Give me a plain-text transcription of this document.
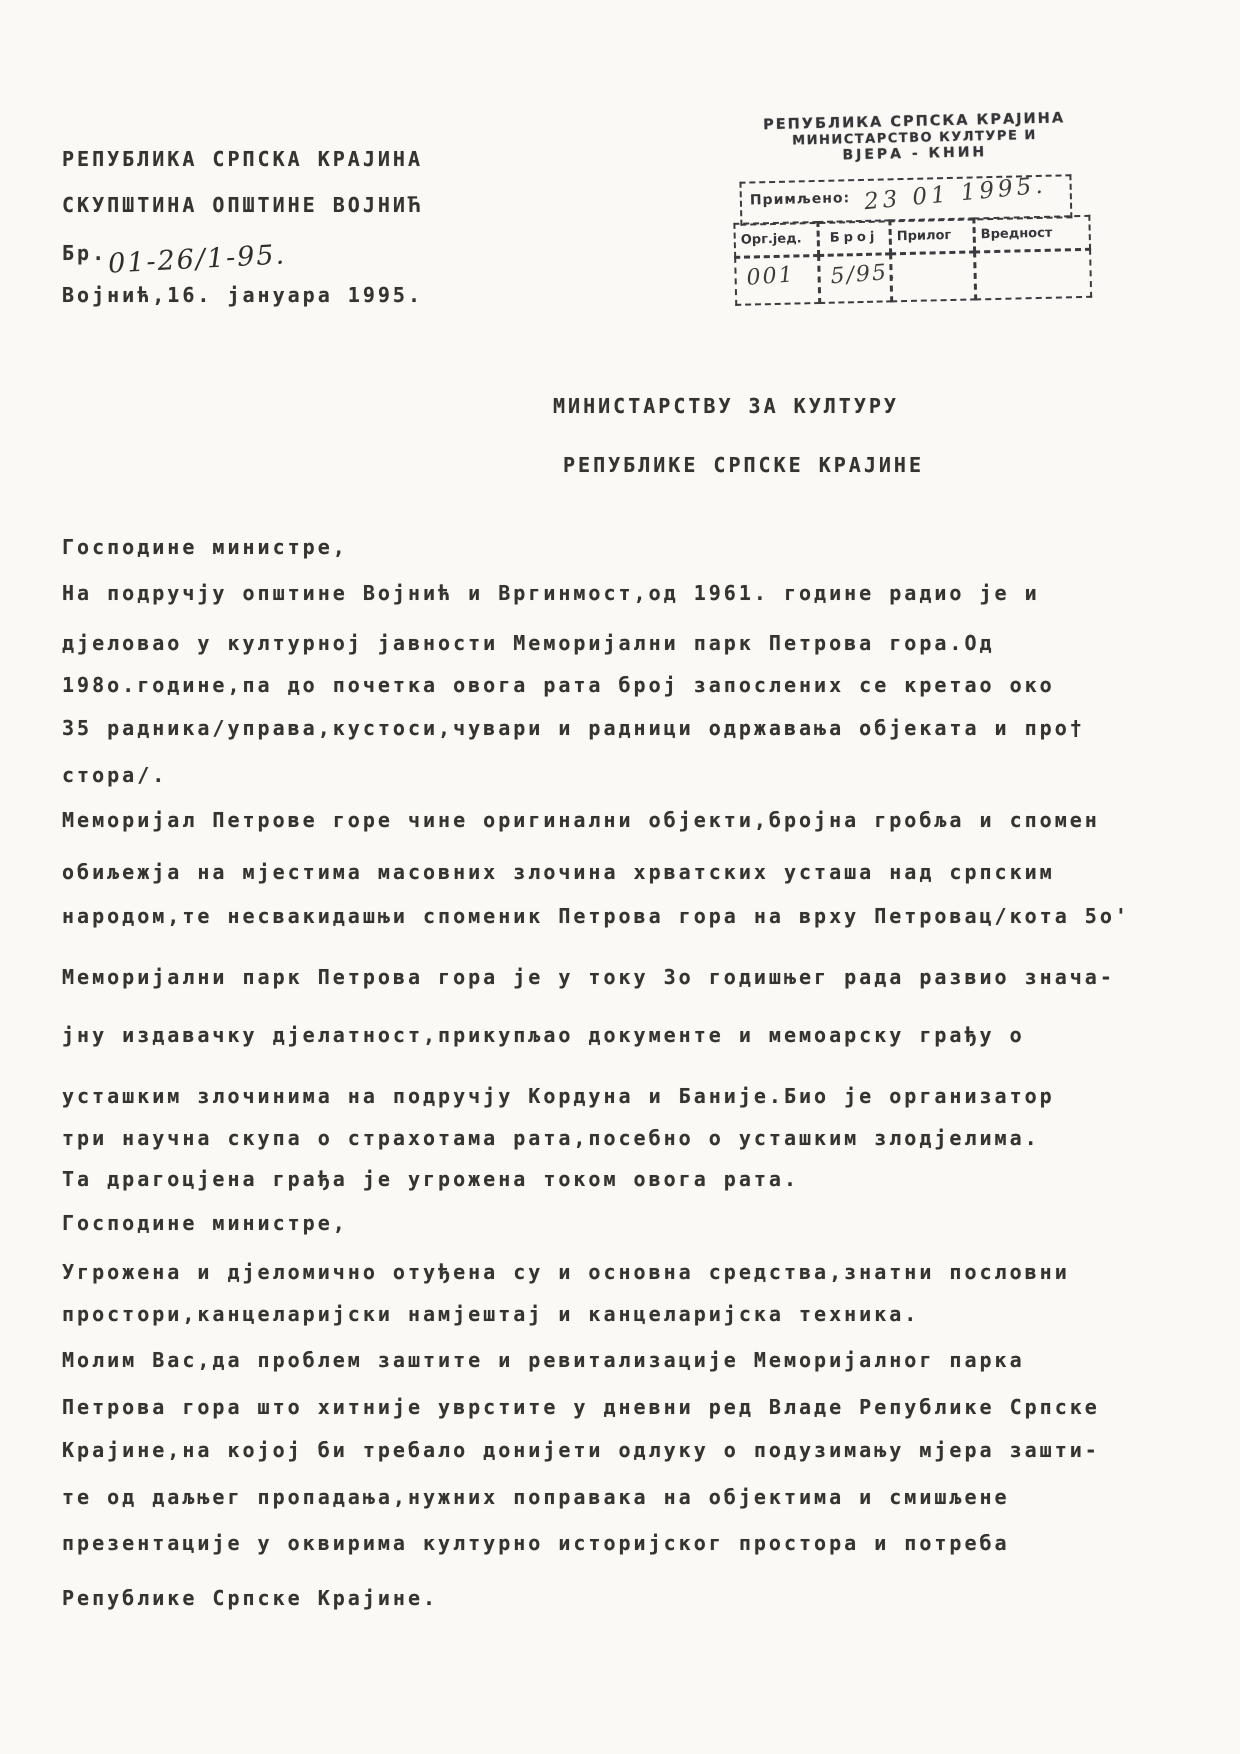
РЕПУБЛИКА СРПСКА КРАЈИНА
СКУПШТИНА ОПШТИНЕ ВОЈНИЋ
Бр. 01-26/1-95.
Војнић,16. јануара 1995.
РЕПУБЛИКА СРПСКА КРАЈИНА
МИНИСТАРСТВО КУЛТУРЕ И
ВЈЕРА - КНИН
Примљено: 23 01 1995.
Орг.јед.	Број	Прилог	Вредност
001 5/95.
МИНИСТАРСТВУ ЗА КУЛТУРУ
РЕПУБЛИКЕ СРПСКЕ КРАЈИНЕ
Господине министре,
На подручју општине Војнић и Вргинмост,од 1961. године радио је и
дјеловао у културној јавности Меморијални парк Петрова гора.Од
198о.године,па до почетка овога рата број запослених се кретао око
35 радника/управа,кустоси,чувари и радници одржавања објеката и про†
стора/.
Меморијал Петрове горе чине оригинални објекти,бројна гробља и спомен
обиљежја на мјестима масовних злочина хрватских усташа над српским
народом,те несвакидашњи споменик Петрова гора на врху Петровац/кота 5о'
Меморијални парк Петрова гора је у току 3о годишњег рада развио знача-
јну издавачку дјелатност,прикупљао документе и мемоарску грађу о
усташким злочинима на подручју Кордуна и Баније.Био је организатор
три научна скупа о страхотама рата,посебно о усташким злодјелима.
Та драгоцјена грађа је угрожена током овога рата.
Господине министре,
Угрожена и дјеломично отуђена су и основна средства,знатни пословни
простори,канцеларијски намјештај и канцеларијска техника.
Молим Вас,да проблем заштите и ревитализације Меморијалног парка
Петрова гора што хитније уврстите у дневни ред Владе Републике Српске
Крајине,на којој би требало донијети одлуку о подузимању мјера зашти-
те од даљњег пропадања,нужних поправака на објектима и смишљене
презентације у оквирима културно историјског простора и потреба
Републике Српске Крајине.
